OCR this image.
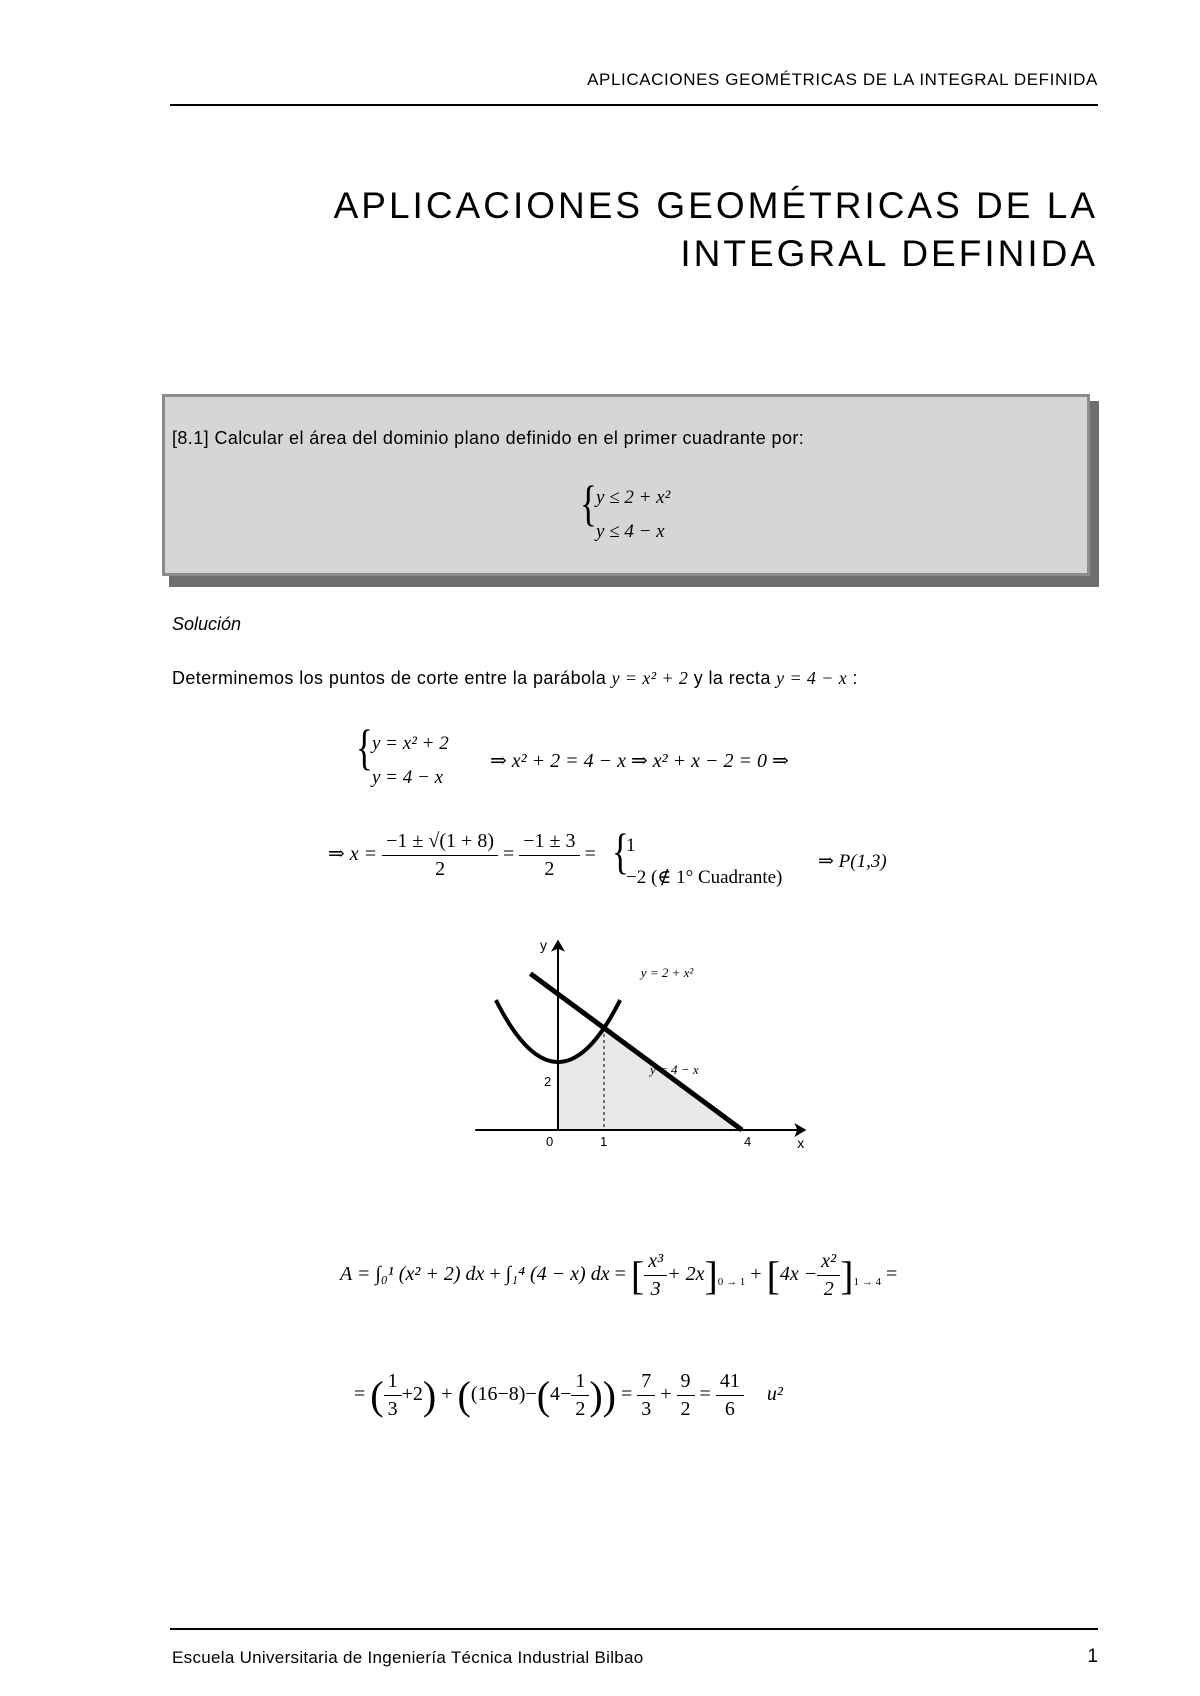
APLICACIONES GEOMÉTRICAS DE LA INTEGRAL DEFINIDA
APLICACIONES GEOMÉTRICAS DE LA
INTEGRAL DEFINIDA
[8.1] Calcular el área del dominio plano definido en el primer cuadrante por:
{ y ≤ 2 + x²
y ≤ 4 − x
Solución
Determinemos los puntos de corte entre la parábola y = x² + 2 y la recta y = 4 − x :
{ y = x² + 2
y = 4 − x
⇒ x² + 2 = 4 − x ⇒ x² + x − 2 = 0 ⇒
⇒ $x = \frac{-1 \pm √(1 + 8)}{2} = \frac{-1 \pm 3}{2}$ = {
1
−2 (∉ 1° Cuadrante)
⇒ P(1,3)
x
y
0	1	4
2
y = 2 + x²
y = 4 − x
A = ∫₀¹ (x² + 2) dx + ∫₁⁴ (4 − x) dx = [ $\frac{\text{x³}}{3} + 2x]_{0 \to 1} + [4x - \frac{\text{x²}}{2} ]_{1 \to 4}$ =
= ( $\frac{1}{3} +2) + ((16-8)-(4- \frac{1}{2}$ )) = $\frac{7}{3} + \frac{9}{2} = \frac{41}{6} u^2$
Escuela Universitaria de Ingeniería Técnica Industrial Bilbao	1
